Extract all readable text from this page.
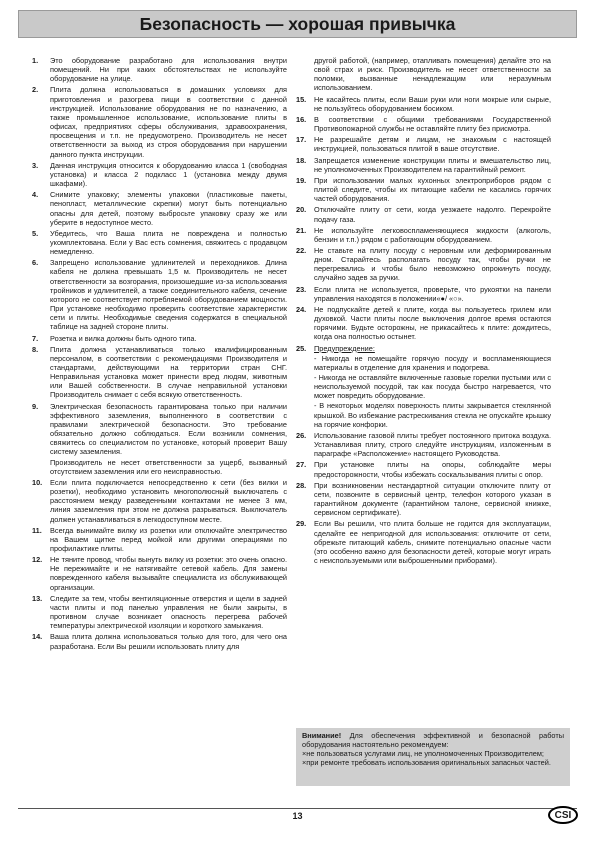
Безопасность — хорошая привычка
1.	Это оборудование разработано для использования внутри помещений. Ни при каких обстоятельствах не используйте оборудование на улице.
2.	Плита должна использоваться в домашних условиях для приготовления и разогрева пищи в соответствии с данной инструкцией. Использование оборудования не по назначению, а также промышленное использование, использование плиты в офисах, предприятиях сферы обслуживания, здравоохранения, просвещения и т.п. не предусмотрено. Производитель не несет ответственности за выход из строя оборудования при нарушении данного пункта инструкции.
3.	Данная инструкция относится к оборудованию класса 1 (свободная установка) и класса 2 подкласс 1 (установка между двумя шкафами).
4.	Снимите упаковку; элементы упаковки (пластиковые пакеты, пенопласт, металлические скрепки) могут быть потенциально опасны для детей, поэтому выбросьте упаковку сразу же или уберите в недоступное место.
5.	Убедитесь, что Ваша плита не повреждена и полностью укомплектована. Если у Вас есть сомнения, свяжитесь с продавцом немедленно.
6.	Запрещено использование удлинителей и переходников. Длина кабеля не должна превышать 1,5 м. Производитель не несет ответственности за возгорания, произошедшие из-за использования тройников и удлинителей, а также соединительного кабеля, сечение которого не соответствует потребляемой оборудованием мощности. При установке необходимо проверить соответствие характеристик сети и плиты. Необходимые сведения содержатся в специальной таблице на задней стороне плиты.
7.	Розетка и вилка должны быть одного типа.
8.	Плита должна устанавливаться только квалифицированным персоналом, в соответствии с рекомендациями Производителя и стандартами, действующими на территории стран СНГ. Неправильная установка может принести вред людям, животным или Вашей собственности. В случае неправильной установки Производитель снимает с себя всякую ответственность.
9.	Электрическая безопасность гарантирована только при наличии эффективного заземления, выполненного в соответствии с правилами электрической безопасности. Это требование обязательно должно соблюдаться. Если возникли сомнения, свяжитесь со специалистом по установке, который проверит Вашу систему заземления.
Производитель не несет ответственности за ущерб, вызванный отсутствием заземления или его неисправностью.
10.	Если плита подключается непосредственно к сети (без вилки и розетки), необходимо установить многополюсный выключатель с расстоянием между разведенными контактами не менее 3 мм, линия заземления при этом не должна разрываться. Выключатель должен устанавливаться в легкодоступном месте.
11.	Всегда вынимайте вилку из розетки или отключайте электричество на Вашем щитке перед мойкой или другими операциями по профилактике плиты.
12.	Не тяните провод, чтобы вынуть вилку из розетки: это очень опасно. Не пережимайте и не натягивайте сетевой кабель. Для замены поврежденного кабеля вызывайте специалиста из обслуживающей организации.
13.	Следите за тем, чтобы вентиляционные отверстия и щели в задней части плиты и под панелью управления не были закрыты, в противном случае возникает опасность перегрева рабочей температуры электрической изоляции и короткого замыкания.
14.	Ваша плита должна использоваться только для того, для чего она разработана. Если Вы решили использовать плиту для
другой работой, (например, отапливать помещения) делайте это на свой страх и риск. Производитель не несет ответственности за поломки, вызванные ненадлежащим или неразумным использованием.
15.	Не касайтесь плиты, если Ваши руки или ноги мокрые или сырые, не пользуйтесь оборудованием босиком.
16.	В соответствии с общими требованиями Государственной Противопожарной службы не оставляйте плиту без присмотра.
17.	Не разрешайте детям и лицам, не знакомым с настоящей инструкцией, пользоваться плитой в ваше отсутствие.
18.	Запрещается изменение конструкции плиты и вмешательство лиц, не уполномоченных Производителем на гарантийный ремонт.
19.	При использовании малых кухонных электроприборов рядом с плитой следите, чтобы их питающие кабели не касались горячих частей оборудования.
20.	Отключайте плиту от сети, когда уезжаете надолго. Перекройте подачу газа.
21.	Не используйте легковоспламеняющиеся жидкости (алкоголь, бензин и т.п.) рядом с работающим оборудованием.
22.	Не ставьте на плиту посуду с неровным или деформированным дном. Старайтесь располагать посуду так, чтобы ручки не перегревались и чтобы было невозможно опрокинуть посуду, случайно задев за ручки.
23.	Если плита не используется, проверьте, что рукоятки на панели управления находятся в положении«●/ «○».
24.	Не подпускайте детей к плите, когда вы пользуетесь грилем или духовкой. Части плиты после выключения долгое время остаются горячими. Будьте осторожны, не прикасайтесь к плите: дождитесь, когда она полностью остынет.
25.	Предупреждение:
- Никогда не помещайте горячую посуду и воспламеняющиеся материалы в отделение для хранения и подогрева.
- Никогда не оставляйте включенные газовые горелки пустыми или с неиспользуемой посудой, так как посуда быстро нагревается, что может повредить оборудование.
- В некоторых моделях поверхность плиты закрывается стеклянной крышкой. Во избежание растрескивания стекла не опускайте крышку на горячие конфорки.
26.	Использование газовой плиты требует постоянного притока воздуха. Устанавливая плиту, строго следуйте инструкциям, изложенным в параграфе «Расположение» настоящего Руководства.
27.	При установке плиты на опоры, соблюдайте меры предосторожности, чтобы избежать соскальзывания плиты с опор.
28.	При возникновении нестандартной ситуации отключите плиту от сети, позвоните в сервисный центр, телефон которого указан в гарантийном документе (гарантийном талоне, сервисной книжке, сервисном сертификате).
29.	Если Вы решили, что плита больше не годится для эксплуатации, сделайте ее непригодной для использования: отключите от сети, обрежьте питающий кабель, снимите потенциально опасные части (это особенно важно для безопасности детей, которые могут играть с неиспользуемыми или выброшенными приборами).
Внимание! Для обеспечения эффективной и безопасной работы оборудования настоятельно рекомендуем:
×не пользоваться услугами лиц, не уполномоченных Производителем;
×при ремонте требовать использования оригинальных запасных частей.
13	CSI
